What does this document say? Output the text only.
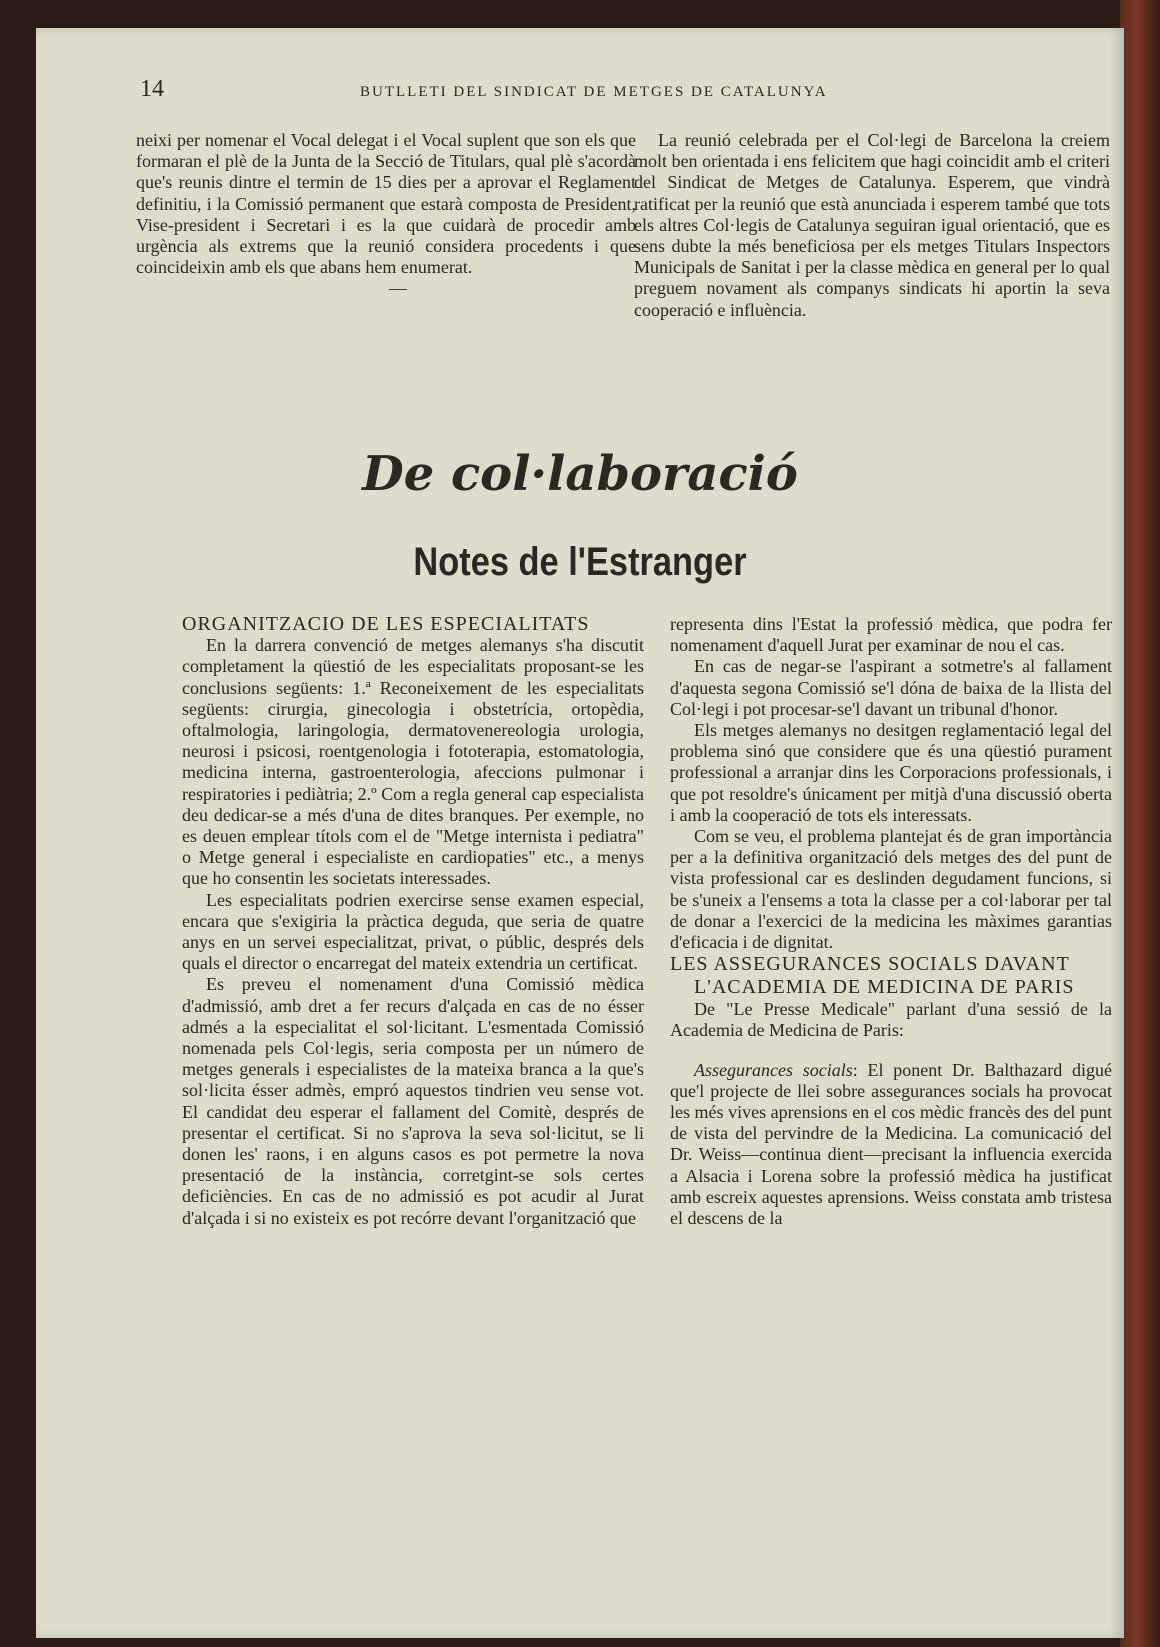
14	BUTLLETI DEL SINDICAT DE METGES DE CATALUNYA

neixi per nomenar el Vocal delegat i el Vocal suplent que son els que formaran el plè de la Junta de la Secció de Titulars, qual plè s'acordà que's reunis dintre el termin de 15 dies per a aprovar el Reglament definitiu, i la Comissió permanent que estarà composta de President, Vise-president i Secretari i es la que cuidarà de procedir amb urgència als extrems que la reunió considera procedents i que coincideixin amb els que abans hem enumerat.

—

La reunió celebrada per el Col·legi de Barcelona la creiem molt ben orientada i ens felicitem que hagi coincidit amb el criteri del Sindicat de Metges de Catalunya. Esperem, que vindrà ratificat per la reunió que està anunciada i esperem també que tots els altres Col·legis de Catalunya seguiran igual orientació, que es sens dubte la més beneficiosa per els metges Titulars Inspectors Municipals de Sanitat i per la classe mèdica en general per lo qual preguem novament als companys sindicats hi aportin la seva cooperació e influència.

De col·laboració
Notes de l'Estranger

ORGANITZACIO DE LES ESPECIALITATS

En la darrera convenció de metges alemanys s'ha discutit completament la qüestió de les especialitats proposant-se les conclusions següents: 1.ª Reconeixement de les especialitats següents: cirurgia, ginecologia i obstetrícia, ortopèdia, oftalmologia, laringologia, dermatovenereologia urologia, neurosi i psicosi, roentgenologia i fototerapia, estomatologia, medicina interna, gastroenterologia, afeccions pulmonar i respiratories i pediàtria; 2.º Com a regla general cap especialista deu dedicar-se a més d'una de dites branques. Per exemple, no es deuen emplear títols com el de "Metge internista i pediatra" o Metge general i especialiste en cardiopaties" etc., a menys que ho consentin les societats interessades.

Les especialitats podrien exercirse sense examen especial, encara que s'exigiria la pràctica deguda, que seria de quatre anys en un servei especialitzat, privat, o públic, després dels quals el director o encarregat del mateix extendria un certificat.

Es preveu el nomenament d'una Comissió mèdica d'admissió, amb dret a fer recurs d'alçada en cas de no ésser admés a la especialitat el sol·licitant. L'esmentada Comissió nomenada pels Col·legis, seria composta per un número de metges generals i especialistes de la mateixa branca a la que's sol·licita ésser admès, empró aquestos tindrien veu sense vot. El candidat deu esperar el fallament del Comitè, després de presentar el certificat. Si no s'aprova la seva sol·licitut, se li donen les' raons, i en alguns casos es pot permetre la nova presentació de la instància, corretgint-se sols certes deficiències. En cas de no admissió es pot acudir al Jurat d'alçada i si no existeix es pot recórre devant l'organització que

representa dins l'Estat la professió mèdica, que podra fer nomenament d'aquell Jurat per examinar de nou el cas.

En cas de negar-se l'aspirant a sotmetre's al fallament d'aquesta segona Comissió se'l dóna de baixa de la llista del Col·legi i pot procesar-se'l davant un tribunal d'honor.

Els metges alemanys no desitgen reglamentació legal del problema sinó que considere que és una qüestió purament professional a arranjar dins les Corporacions professionals, i que pot resoldre's únicament per mitjà d'una discussió oberta i amb la cooperació de tots els interessats.

Com se veu, el problema plantejat és de gran importància per a la definitiva organització dels metges des del punt de vista professional car es deslinden degudament funcions, si be s'uneix a l'ensems a tota la classe per a col·laborar per tal de donar a l'exercici de la medicina les màximes garantias d'eficacia i de dignitat.

LES ASSEGURANCES SOCIALS DAVANT
L'ACADEMIA DE MEDICINA DE PARIS

De "Le Presse Medicale" parlant d'una sessió de la Academia de Medicina de Paris:

Assegurances socials: El ponent Dr. Balthazard digué que'l projecte de llei sobre assegurances socials ha provocat les més vives aprensions en el cos mèdic francès des del punt de vista del pervindre de la Medicina. La comunicació del Dr. Weiss—continua dient—precisant la influencia exercida a Alsacia i Lorena sobre la professió mèdica ha justificat amb escreix aquestes aprensions. Weiss constata amb tristesa el descens de la
